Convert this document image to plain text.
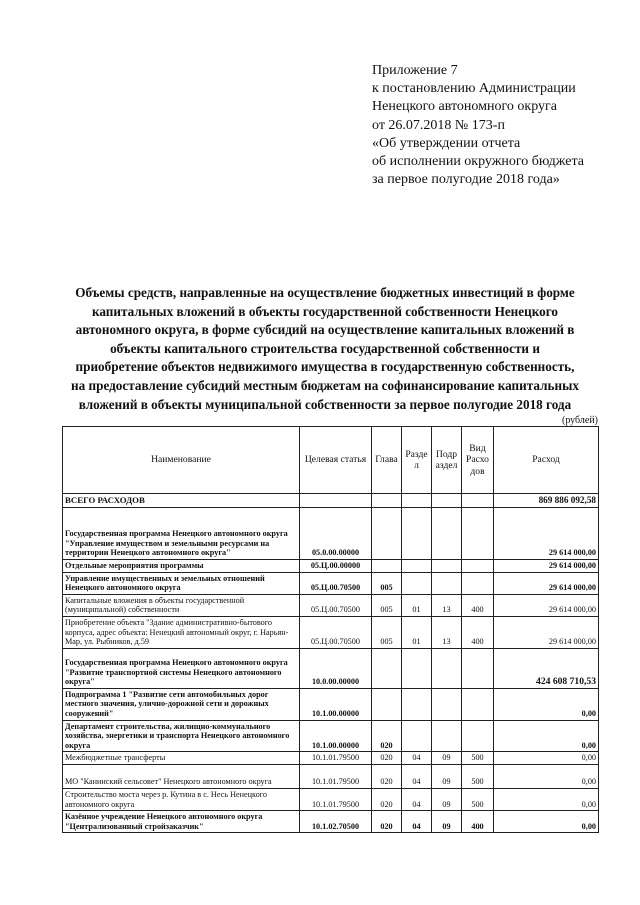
Приложение 7
к постановлению Администрации
Ненецкого автономного округа
от 26.07.2018 № 173-п
«Об утверждении отчета
об исполнении окружного бюджета
за первое полугодие 2018 года»
Объемы средств, направленные на осуществление бюджетных инвестиций в форме
капитальных вложений в объекты государственной собственности Ненецкого
автономного округа, в форме субсидий на осуществление капитальных вложений в
объекты капитального строительства государственной собственности и
приобретение объектов недвижимого имущества в государственную собственность,
на предоставление субсидий местным бюджетам на софинансирование капитальных
вложений в объекты муниципальной собственности за первое полугодие 2018 года
(рублей)
Наименование	Целевая статья	Глава	Разде л	Подр аздел	Вид Расхо дов	Расход
ВСЕГО РАСХОДОВ						869 886 092,58
Государственная программа Ненецкого автономного округа "Управление имуществом и земельными ресурсами на территории Ненецкого автономного округа"	05.0.00.00000					29 614 000,00
Отдельные мероприятия программы	05.Ц.00.00000					29 614 000,00
Управление имущественных и земельных отношений Ненецкого автономного округа	05.Ц.00.70500	005				29 614 000,00
Капитальные вложения в объекты государственной (муниципальной) собственности	05.Ц.00.70500	005	01	13	400	29 614 000,00
Приобретение объекта "Здание административно-бытового корпуса, адрес объекта: Ненецкий автономный округ, г. Нарьян-Мар, ул. Рыбников, д.59	05.Ц.00.70500	005	01	13	400	29 614 000,00
Государственная программа Ненецкого автономного округа "Развитие транспортной системы Ненецкого автономного округа"	10.0.00.00000					424 608 710,53
Подпрограмма 1 "Развитие сети автомобильных дорог местного значения, улично-дорожной сети и дорожных сооружений"	10.1.00.00000					0,00
Департамент строительства, жилищно-коммунального хозяйства, энергетики и транспорта Ненецкого автономного округа	10.1.00.00000	020				0,00
Межбюджетные трансферты	10.1.01.79500	020	04	09	500	0,00
МО "Канинский сельсовет" Ненецкого автономного округа	10.1.01.79500	020	04	09	500	0,00
Строительство моста через р. Кутина в с. Несь Ненецкого автономного округа	10.1.01.79500	020	04	09	500	0,00
Казённое учреждение Ненецкого автономного округа "Централизованный стройзаказчик"	10.1.02.70500	020	04	09	400	0,00
